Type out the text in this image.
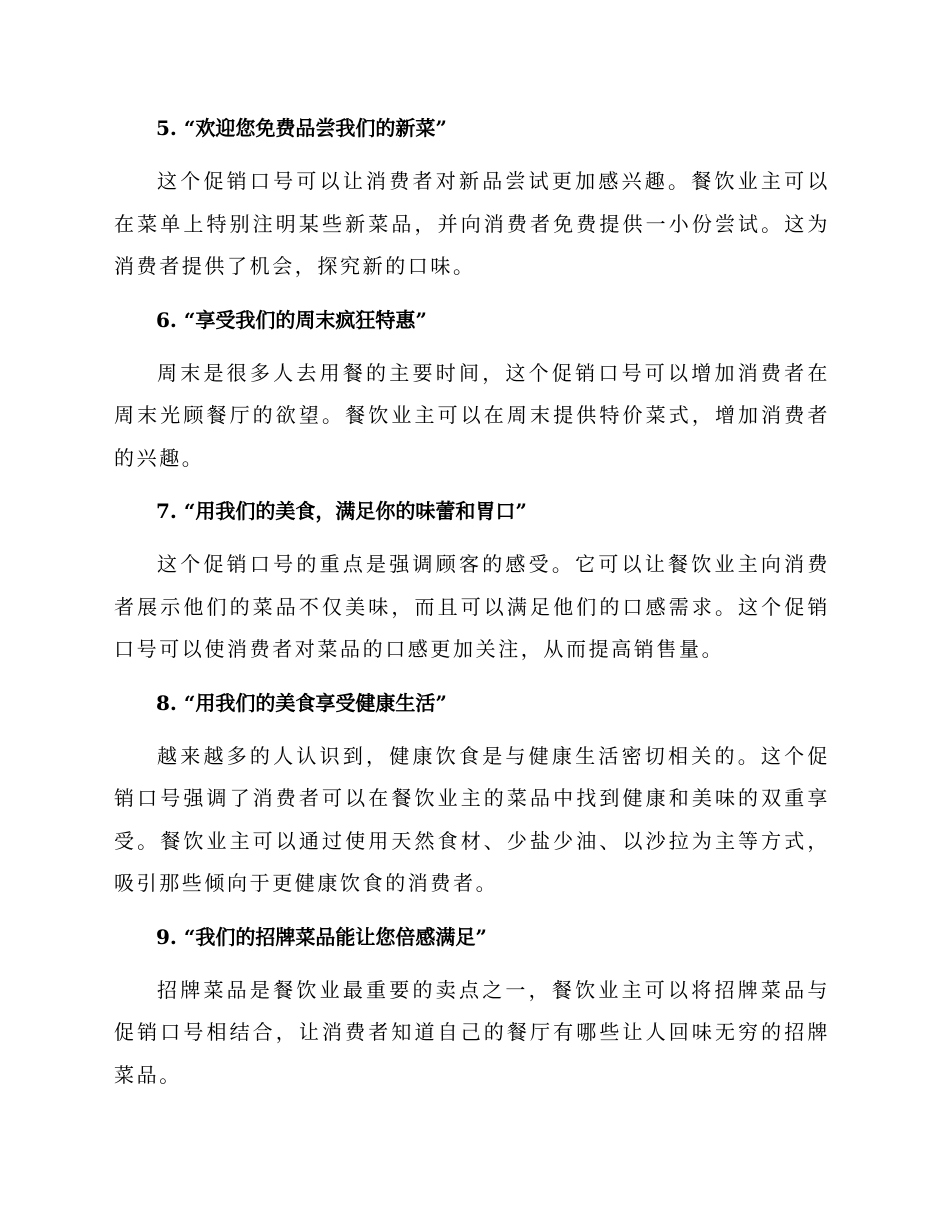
5. “欢迎您免费品尝我们的新菜”

这个促销口号可以让消费者对新品尝试更加感兴趣。餐饮业主可以在菜单上特别注明某些新菜品，并向消费者免费提供一小份尝试。这为消费者提供了机会，探究新的口味。

6. “享受我们的周末疯狂特惠”

周末是很多人去用餐的主要时间，这个促销口号可以增加消费者在周末光顾餐厅的欲望。餐饮业主可以在周末提供特价菜式，增加消费者的兴趣。

7. “用我们的美食，满足你的味蕾和胃口”

这个促销口号的重点是强调顾客的感受。它可以让餐饮业主向消费者展示他们的菜品不仅美味，而且可以满足他们的口感需求。这个促销口号可以使消费者对菜品的口感更加关注，从而提高销售量。

8. “用我们的美食享受健康生活”

越来越多的人认识到，健康饮食是与健康生活密切相关的。这个促销口号强调了消费者可以在餐饮业主的菜品中找到健康和美味的双重享受。餐饮业主可以通过使用天然食材、少盐少油、以沙拉为主等方式，吸引那些倾向于更健康饮食的消费者。

9. “我们的招牌菜品能让您倍感满足”

招牌菜品是餐饮业最重要的卖点之一，餐饮业主可以将招牌菜品与促销口号相结合，让消费者知道自己的餐厅有哪些让人回味无穷的招牌菜品。
